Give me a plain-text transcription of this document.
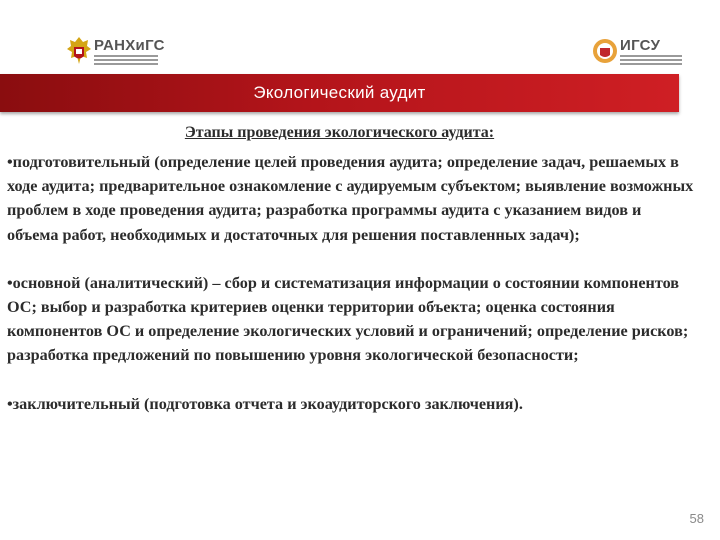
РАНХиГС	ИГСУ
Экологический аудит
Этапы проведения экологического аудита:

•подготовительный (определение целей проведения аудита; определение задач, решаемых в ходе аудита; предварительное ознакомление с аудируемым субъектом; выявление возможных проблем в ходе проведения аудита; разработка программы аудита с указанием видов и объема работ, необходимых и достаточных для решения поставленных задач);

•основной (аналитический) – сбор и систематизация информации о состоянии компонентов ОС; выбор и разработка критериев оценки территории объекта; оценка состояния компонентов ОС и определение экологических условий и ограничений; определение рисков; разработка предложений по повышению уровня экологической безопасности;

•заключительный (подготовка отчета и экоаудиторского заключения).

58
